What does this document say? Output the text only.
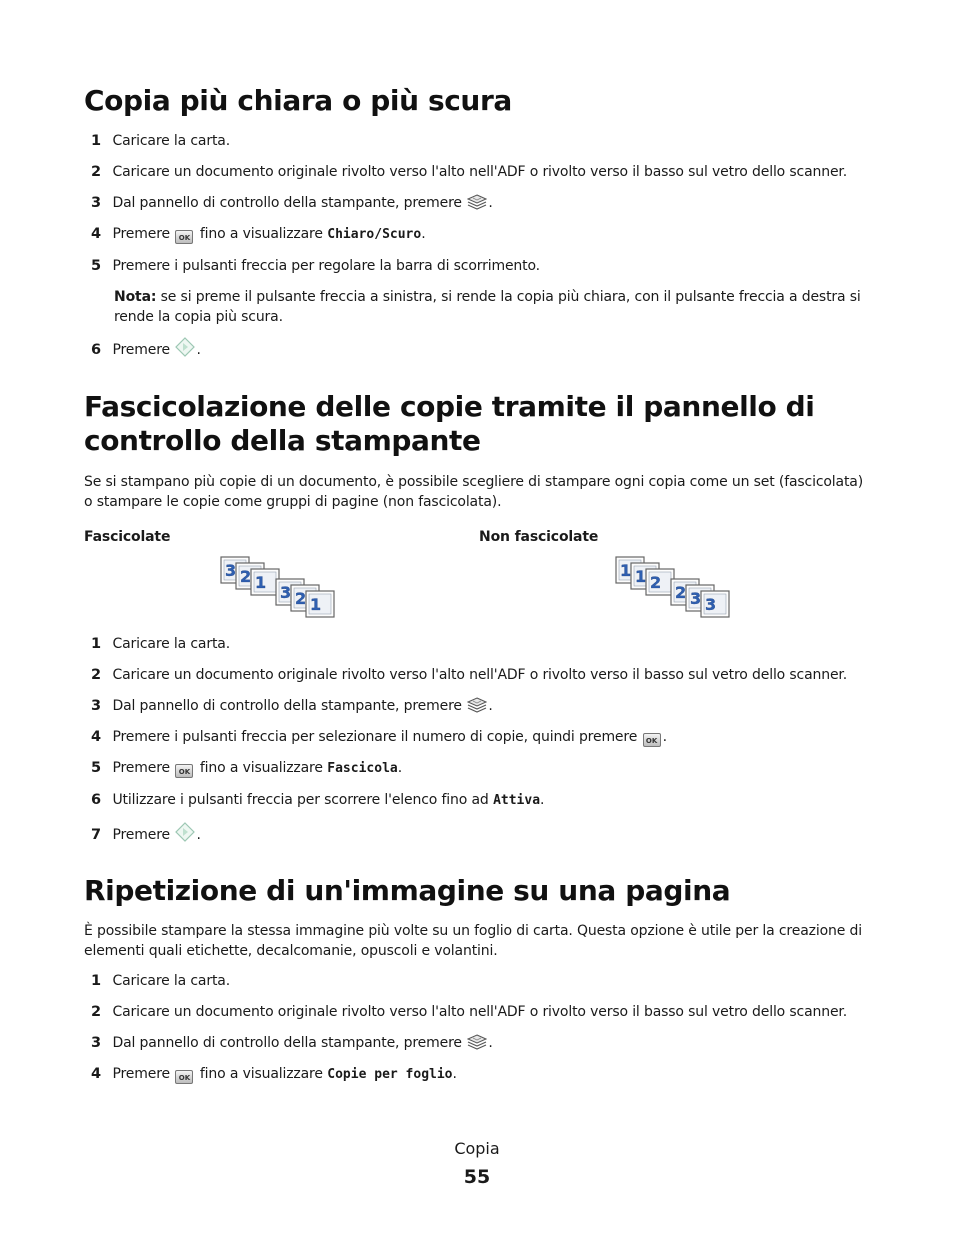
Copia più chiara o più scura
1 Caricare la carta.
2 Caricare un documento originale rivolto verso l'alto nell'ADF o rivolto verso il basso sul vetro dello scanner.
3 Dal pannello di controllo della stampante, premere .
4 Premere OK fino a visualizzare Chiaro/Scuro.
5 Premere i pulsanti freccia per regolare la barra di scorrimento.
Nota: se si preme il pulsante freccia a sinistra, si rende la copia più chiara, con il pulsante freccia a destra si rende la copia più scura.
6 Premere .
Fascicolazione delle copie tramite il pannello di
controllo della stampante
Se si stampano più copie di un documento, è possibile scegliere di stampare ogni copia come un set (fascicolata) o stampare le copie come gruppi di pagine (non fascicolata).
Fascicolate	Non fascicolate
3 2 1
3 2 1
1 1 2
2 3 3
1 Caricare la carta.
2 Caricare un documento originale rivolto verso l'alto nell'ADF o rivolto verso il basso sul vetro dello scanner.
3 Dal pannello di controllo della stampante, premere .
4 Premere i pulsanti freccia per selezionare il numero di copie, quindi premere OK .
5 Premere OK fino a visualizzare Fascicola.
6 Utilizzare i pulsanti freccia per scorrere l'elenco fino ad Attiva.
7 Premere .
Ripetizione di un'immagine su una pagina
È possibile stampare la stessa immagine più volte su un foglio di carta. Questa opzione è utile per la creazione di elementi quali etichette, decalcomanie, opuscoli e volantini.
1 Caricare la carta.
2 Caricare un documento originale rivolto verso l'alto nell'ADF o rivolto verso il basso sul vetro dello scanner.
3 Dal pannello di controllo della stampante, premere .
4 Premere OK fino a visualizzare Copie per foglio.
Copia
55
